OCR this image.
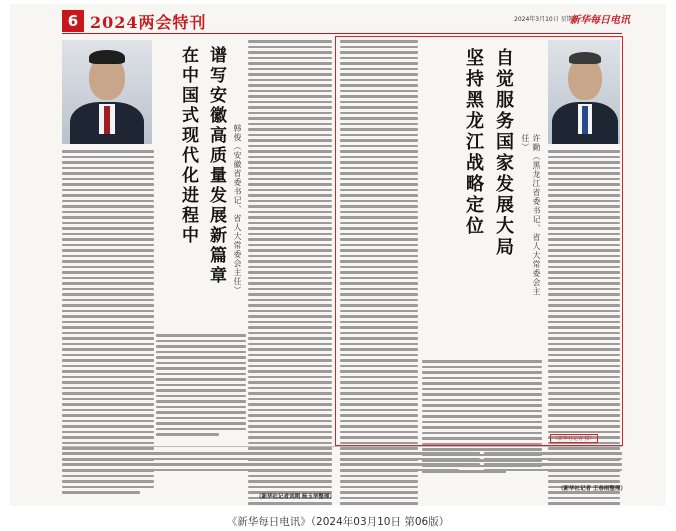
6 2024两会特刊	2024年3月10日 星期日
新华每日电讯
谱写安徽高质量发展新篇章
在中国式现代化进程中	韩俊（安徽省委书记、省人大常委会主任）
（新华社记者刘朔 杨玉华整理）
自觉服务国家发展大局
坚持黑龙江战略定位	许勤（黑龙江省委书记、省人大常委会主任）
（新华社记者 摄）
（新华社记者 王春雨整理）
《新华每日电讯》（2024年03月10日 第06版）
